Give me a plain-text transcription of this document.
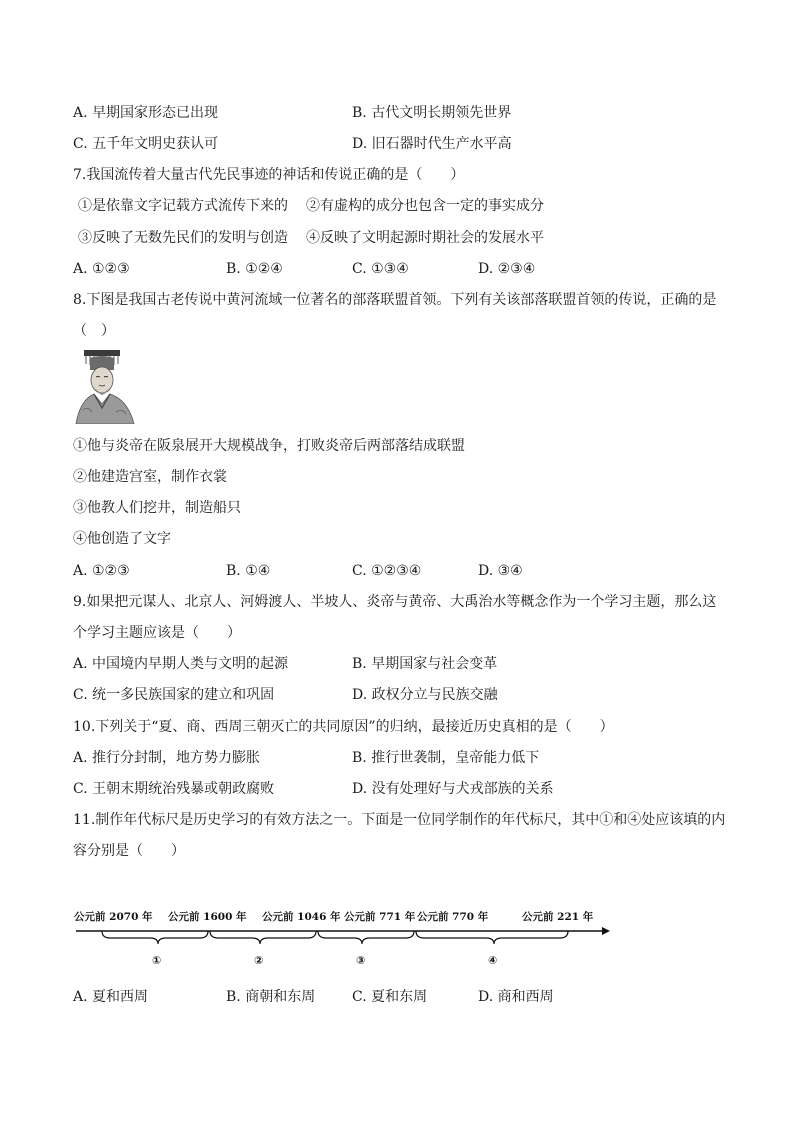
A. 早期国家形态已出现	B. 古代文明长期领先世界
C. 五千年文明史获认可	D. 旧石器时代生产水平高
7.我国流传着大量古代先民事迹的神话和传说正确的是（　　）
①是依靠文字记载方式流传下来的 ②有虚构的成分也包含一定的事实成分
③反映了无数先民们的发明与创造 ④反映了文明起源时期社会的发展水平
A. ①②③	B. ①②④	C. ①③④	D. ②③④
8.下图是我国古老传说中黄河流域一位著名的部落联盟首领。下列有关该部落联盟首领的传说，正确的是
（　）
①他与炎帝在阪泉展开大规模战争，打败炎帝后两部落结成联盟
②他建造宫室，制作衣裳
③他教人们挖井，制造船只
④他创造了文字
A. ①②③	B. ①④	C. ①②③④	D. ③④
9.如果把元谋人、北京人、河姆渡人、半坡人、炎帝与黄帝、大禹治水等概念作为一个学习主题，那么这
个学习主题应该是（　　）
A. 中国境内早期人类与文明的起源	B. 早期国家与社会变革
C. 统一多民族国家的建立和巩固	D. 政权分立与民族交融
10.下列关于“夏、商、西周三朝灭亡的共同原因”的归纳，最接近历史真相的是（　　）
A. 推行分封制，地方势力膨胀	B. 推行世袭制，皇帝能力低下
C. 王朝末期统治残暴或朝政腐败	D. 没有处理好与犬戎部族的关系
11.制作年代标尺是历史学习的有效方法之一。下面是一位同学制作的年代标尺，其中①和④处应该填的内
容分别是（　　）
公元前 2070 年 公元前 1600 年 公元前 1046 年 公元前 771 年 公元前 770 年	公元前 221 年
①	②	③	④
A. 夏和西周	B. 商朝和东周	C. 夏和东周	D. 商和西周
